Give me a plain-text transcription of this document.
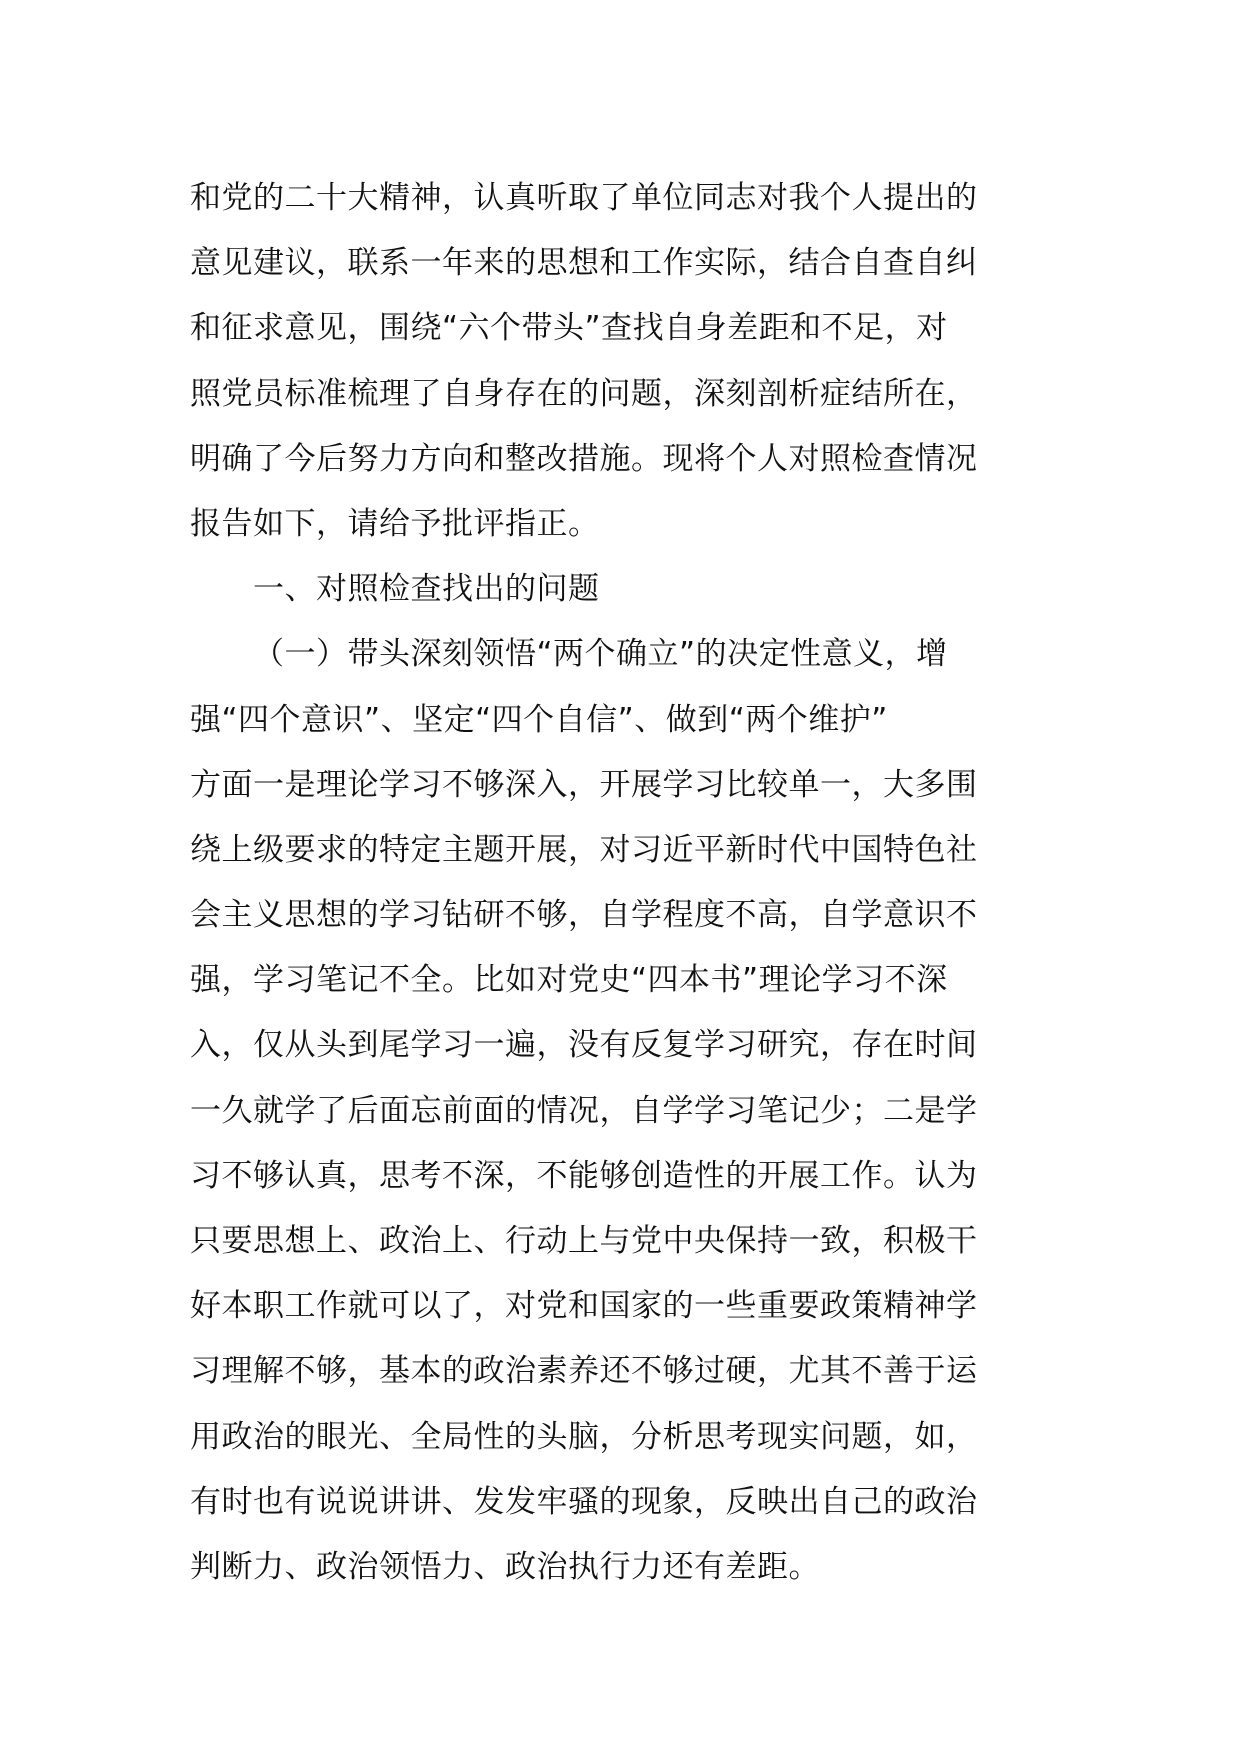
和党的二十大精神，认真听取了单位同志对我个人提出的
意见建议，联系一年来的思想和工作实际，结合自查自纠
和征求意见，围绕“六个带头”查找自身差距和不足，对
照党员标准梳理了自身存在的问题，深刻剖析症结所在，
明确了今后努力方向和整改措施。现将个人对照检查情况
报告如下，请给予批评指正。
一、对照检查找出的问题
（一）带头深刻领悟“两个确立”的决定性意义，增
强“四个意识”、坚定“四个自信”、做到“两个维护”
方面一是理论学习不够深入，开展学习比较单一，大多围
绕上级要求的特定主题开展，对习近平新时代中国特色社
会主义思想的学习钻研不够，自学程度不高，自学意识不
强，学习笔记不全。比如对党史“四本书”理论学习不深
入，仅从头到尾学习一遍，没有反复学习研究，存在时间
一久就学了后面忘前面的情况，自学学习笔记少；二是学
习不够认真，思考不深，不能够创造性的开展工作。认为
只要思想上、政治上、行动上与党中央保持一致，积极干
好本职工作就可以了，对党和国家的一些重要政策精神学
习理解不够，基本的政治素养还不够过硬，尤其不善于运
用政治的眼光、全局性的头脑，分析思考现实问题，如，
有时也有说说讲讲、发发牢骚的现象，反映出自己的政治
判断力、政治领悟力、政治执行力还有差距。
